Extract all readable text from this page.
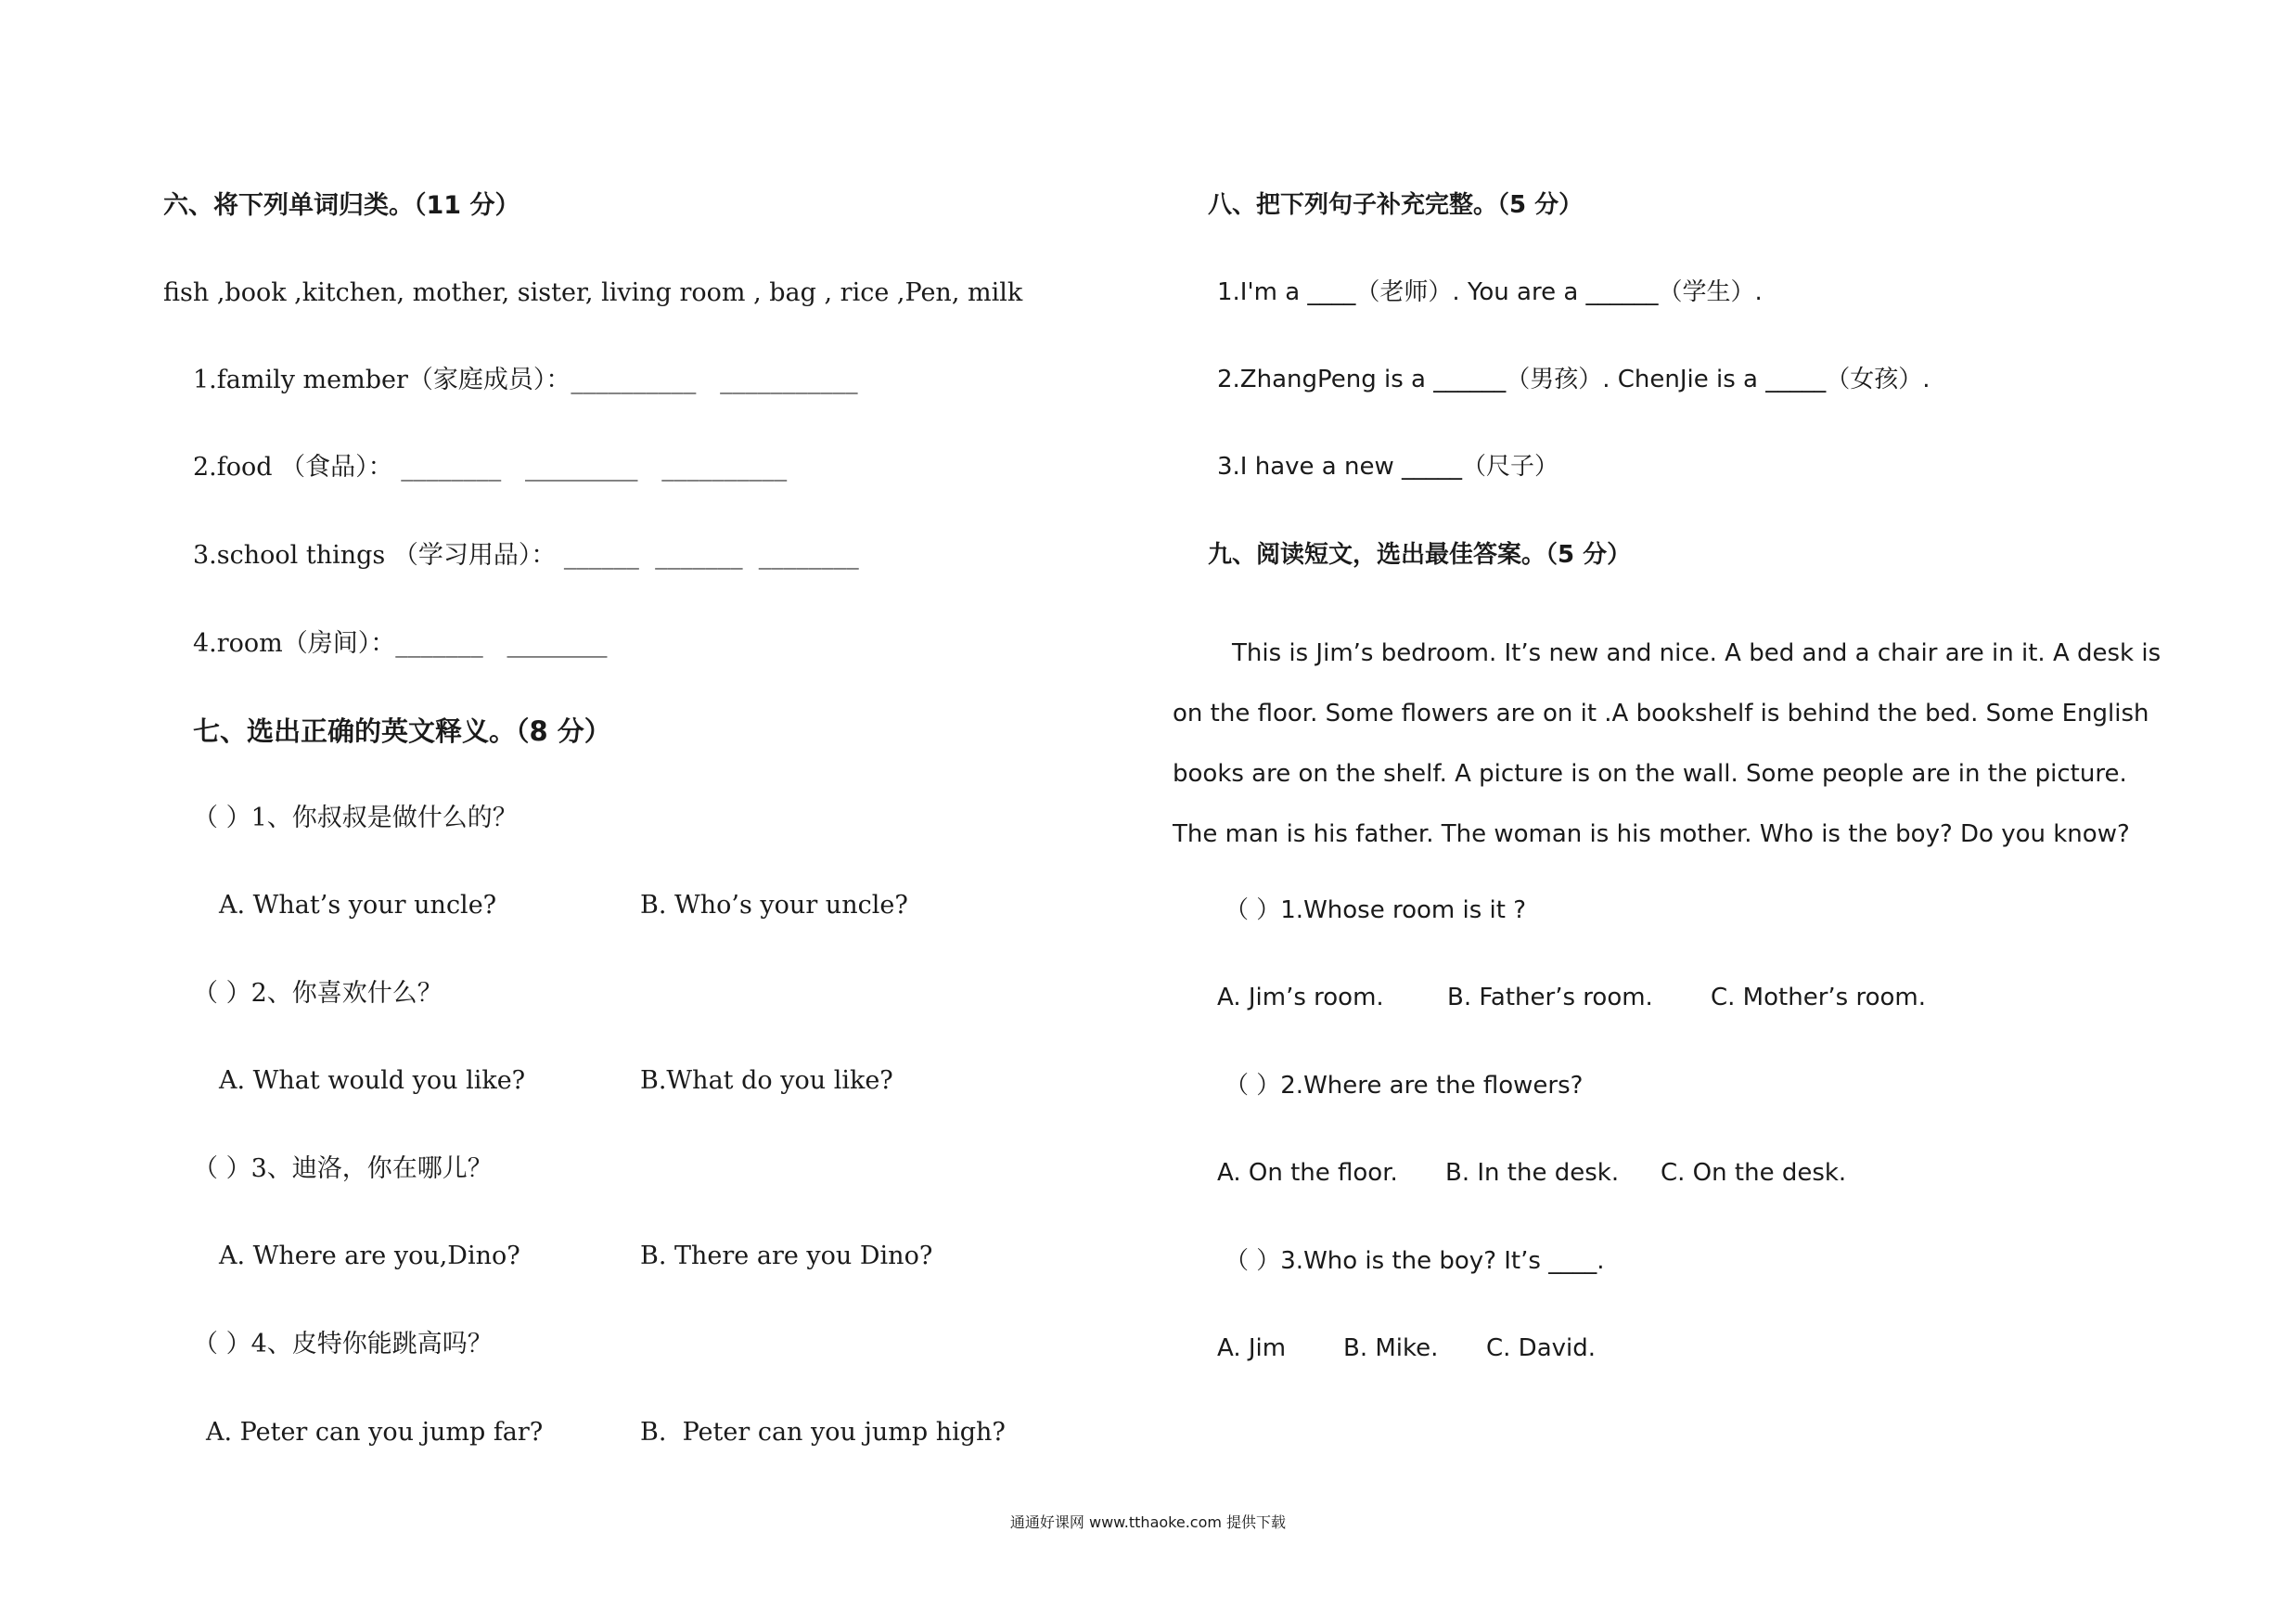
六、将下列单词归类。（11 分）
fish ,book ,kitchen, mother, sister, living room , bag , rice ,Pen, milk
1.family member（家庭成员）：__________   ___________
2.food （食品）： ________   _________   __________
3.school things （学习用品）： ______  _______  ________
4.room（房间）：_______   ________
七、选出正确的英文释义。（8 分）
（ ）1、你叔叔是做什么的？
A. What’s your uncle?	B. Who’s your uncle?
（ ）2、你喜欢什么？
A. What would you like?	B.What do you like?
（ ）3、迪洛，你在哪儿？
A. Where are you,Dino?	B. There are you Dino?
（ ）4、皮特你能跳高吗？
A. Peter can you jump far?	B.  Peter can you jump high?
八、把下列句子补充完整。（5 分）
1.I'm a ____（老师）. You are a ______（学生）.
2.ZhangPeng is a ______（男孩）. ChenJie is a _____（女孩）.
3.I have a new _____（尺子）
九、阅读短文，选出最佳答案。（5 分）
This is Jim’s bedroom. It’s new and nice. A bed and a chair are in it. A desk is on the floor. Some flowers are on it .A bookshelf is behind the bed. Some English books are on the shelf. A picture is on the wall. Some people are in the picture. The man is his father. The woman is his mother. Who is the boy? Do you know?
（ ）1.Whose room is it ?
A. Jim’s room.	B. Father’s room. C. Mother’s room.
（ ）2.Where are the flowers?
A. On the floor. B. In the desk. C. On the desk.
（ ）3.Who is the boy? It’s ____.
A. Jim B. Mike. C. David.
通通好课网 www.tthaoke.com 提供下载
